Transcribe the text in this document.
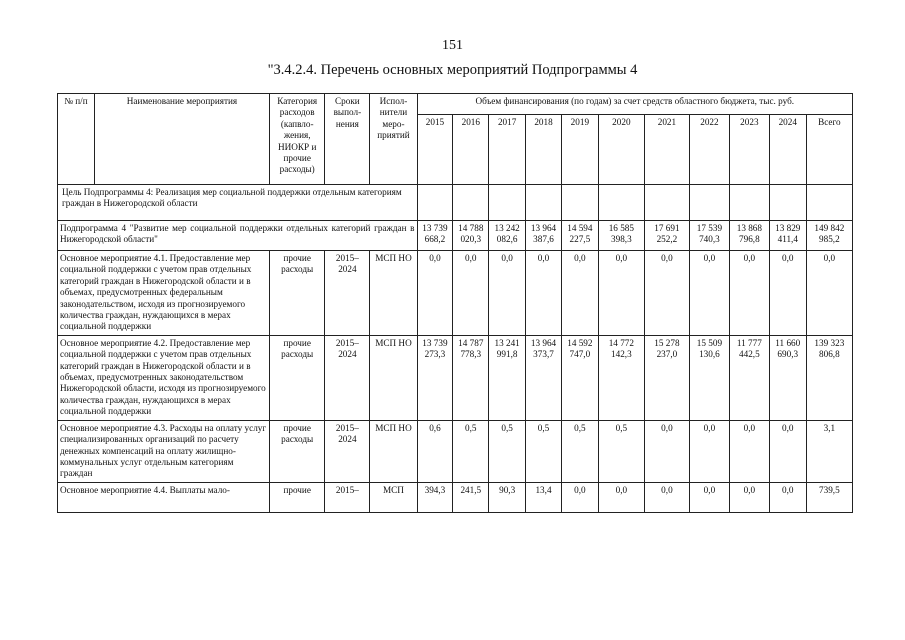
151
"3.4.2.4. Перечень основных мероприятий Подпрограммы 4
№ п/п	Наименование мероприятия	Категория расходов (капвло-жения, НИОКР и прочие расходы)	Сроки выпол-нения	Испол-нители меро-приятий	Объем финансирования (по годам) за счет средств областного бюджета, тыс. руб.										
					2015	2016	2017	2018	2019	2020	2021	2022	2023	2024	Всего
Цель Подпрограммы 4: Реализация мер социальной поддержки отдельным категориям граждан в Нижегородской области															
Подпрограмма 4 "Развитие мер социальной поддержки отдельных категорий граждан в Нижегородской области"					13 739 668,2	14 788 020,3	13 242 082,6	13 964 387,6	14 594 227,5	16 585 398,3	17 691 252,2	17 539 740,3	13 868 796,8	13 829 411,4	149 842 985,2
Основное мероприятие 4.1. Предоставление мер социальной поддержки с учетом прав отдельных категорий граждан в Нижегородской области и в объемах, предусмотренных федеральным законодательством, исходя из прогнозируемого количества граждан, нуждающихся в мерах социальной поддержки		прочие расходы	2015–2024	МСП НО	0,0	0,0	0,0	0,0	0,0	0,0	0,0	0,0	0,0	0,0	0,0
Основное мероприятие 4.2. Предоставление мер социальной поддержки с учетом прав отдельных категорий граждан в Нижегородской области и в объемах, предусмотренных законодательством Нижегородской области, исходя из прогнозируемого количества граждан, нуждающихся в мерах социальной поддержки		прочие расходы	2015–2024	МСП НО	13 739 273,3	14 787 778,3	13 241 991,8	13 964 373,7	14 592 747,0	14 772 142,3	15 278 237,0	15 509 130,6	11 777 442,5	11 660 690,3	139 323 806,8
Основное мероприятие 4.3. Расходы на оплату услуг специализированных организаций по расчету денежных компенсаций на оплату жилищно-коммунальных услуг отдельным категориям граждан		прочие расходы	2015–2024	МСП НО	0,6	0,5	0,5	0,5	0,5	0,5	0,0	0,0	0,0	0,0	3,1
Основное мероприятие 4.4. Выплаты мало-		прочие	2015–	МСП	394,3	241,5	90,3	13,4	0,0	0,0	0,0	0,0	0,0	0,0	739,5
